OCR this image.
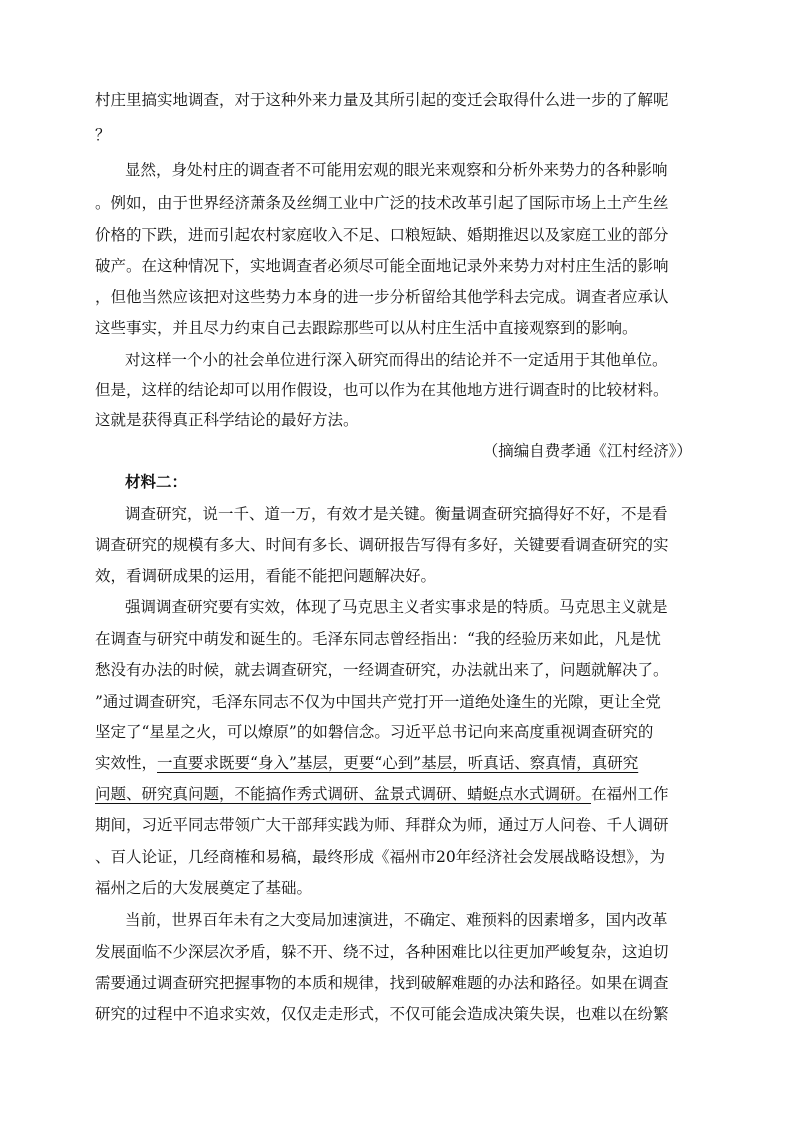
村庄里搞实地调查，对于这种外来力量及其所引起的变迁会取得什么进一步的了解呢
？
显然，身处村庄的调查者不可能用宏观的眼光来观察和分析外来势力的各种影响
。例如，由于世界经济萧条及丝绸工业中广泛的技术改革引起了国际市场上土产生丝
价格的下跌，进而引起农村家庭收入不足、口粮短缺、婚期推迟以及家庭工业的部分
破产。在这种情况下，实地调查者必须尽可能全面地记录外来势力对村庄生活的影响
，但他当然应该把对这些势力本身的进一步分析留给其他学科去完成。调查者应承认
这些事实，并且尽力约束自己去跟踪那些可以从村庄生活中直接观察到的影响。
对这样一个小的社会单位进行深入研究而得出的结论并不一定适用于其他单位。
但是，这样的结论却可以用作假设，也可以作为在其他地方进行调查时的比较材料。
这就是获得真正科学结论的最好方法。
（摘编自费孝通《江村经济》）
材料二：
调查研究，说一千、道一万，有效才是关键。衡量调查研究搞得好不好，不是看
调查研究的规模有多大、时间有多长、调研报告写得有多好，关键要看调查研究的实
效，看调研成果的运用，看能不能把问题解决好。
强调调查研究要有实效，体现了马克思主义者实事求是的特质。马克思主义就是
在调查与研究中萌发和诞生的。毛泽东同志曾经指出：“我的经验历来如此，凡是忧
愁没有办法的时候，就去调查研究，一经调查研究，办法就出来了，问题就解决了。
”通过调查研究，毛泽东同志不仅为中国共产党打开一道绝处逢生的光隙，更让全党
坚定了“星星之火，可以燎原”的如磐信念。习近平总书记向来高度重视调查研究的
实效性，一直要求既要“身入”基层，更要“心到”基层，听真话、察真情，真研究
问题、研究真问题，不能搞作秀式调研、盆景式调研、蜻蜓点水式调研。在福州工作
期间，习近平同志带领广大干部拜实践为师、拜群众为师，通过万人问卷、千人调研
、百人论证，几经商榷和易稿，最终形成《福州市20年经济社会发展战略设想》，为
福州之后的大发展奠定了基础。
当前，世界百年未有之大变局加速演进，不确定、难预料的因素增多，国内改革
发展面临不少深层次矛盾，躲不开、绕不过，各种困难比以往更加严峻复杂，这迫切
需要通过调查研究把握事物的本质和规律，找到破解难题的办法和路径。如果在调查
研究的过程中不追求实效，仅仅走走形式，不仅可能会造成决策失误，也难以在纷繁
